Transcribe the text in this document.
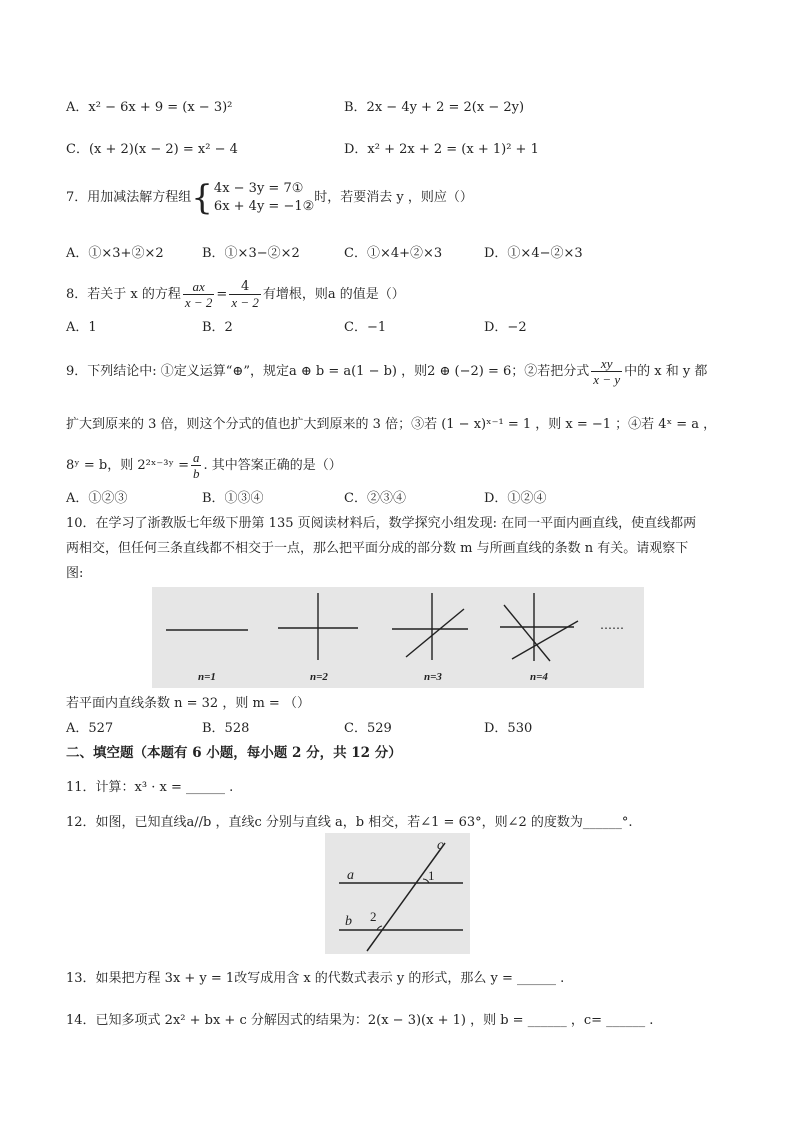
A．x² − 6x + 9 = (x − 3)²	B．2x − 4y + 2 = 2(x − 2y)
C．(x + 2)(x − 2) = x² − 4	D．x² + 2x + 2 = (x + 1)² + 1
7．用加减法解方程组{ 4x − 3y = 7①
6x + 4y = −1②
时，若要消去 y ，则应（）
A．①×3+②×2	B．①×3−②×2	C．①×4+②×3	D．①×4−②×3
8．若关于 x 的方程 $\frac{ax}{x - 2} = \frac{4}{x - 2}$ 有增根，则a 的值是（）
A．1	B．2	C．−1	D．−2
9．下列结论中: ①定义运算“⊕”，规定a ⊕ b = a(1 − b) ，则2 ⊕ (−2) = 6；②若把分式 $\frac{xy}{x - y}$ 中的 x 和 y 都
扩大到原来的 3 倍，则这个分式的值也扩大到原来的 3 倍；③若 (1 − x)ˣ⁻¹ = 1 ，则 x = −1 ；④若 4ˣ = a ，
8ʸ = b，则 2²ˣ⁻³ʸ = $\frac{a}{b}$ . 其中答案正确的是（）
A．①②③	B．①③④	C．②③④	D．①②④
10．在学习了浙教版七年级下册第 135 页阅读材料后，数学探究小组发现: 在同一平面内画直线，使直线都两
两相交，但任何三条直线都不相交于一点，那么把平面分成的部分数 m 与所画直线的条数 n 有关。请观察下
图:
n=1	n=2	n=3	n=4
……
若平面内直线条数 n = 32 ，则 m = （）
A．527	B．528	C．529	D．530
二、填空题（本题有 6 小题，每小题 2 分，共 12 分）
11．计算：x³ · x = ______ .
12．如图，已知直线a//b ，直线c 分别与直线 a，b 相交，若∠1 = 63°，则∠2 的度数为______°.
c
a
b
1
2
13．如果把方程 3x + y = 1改写成用含 x 的代数式表示 y 的形式，那么 y = ______ .
14．已知多项式 2x² + bx + c 分解因式的结果为：2(x − 3)(x + 1) ，则 b = ______ ，c= ______ .
